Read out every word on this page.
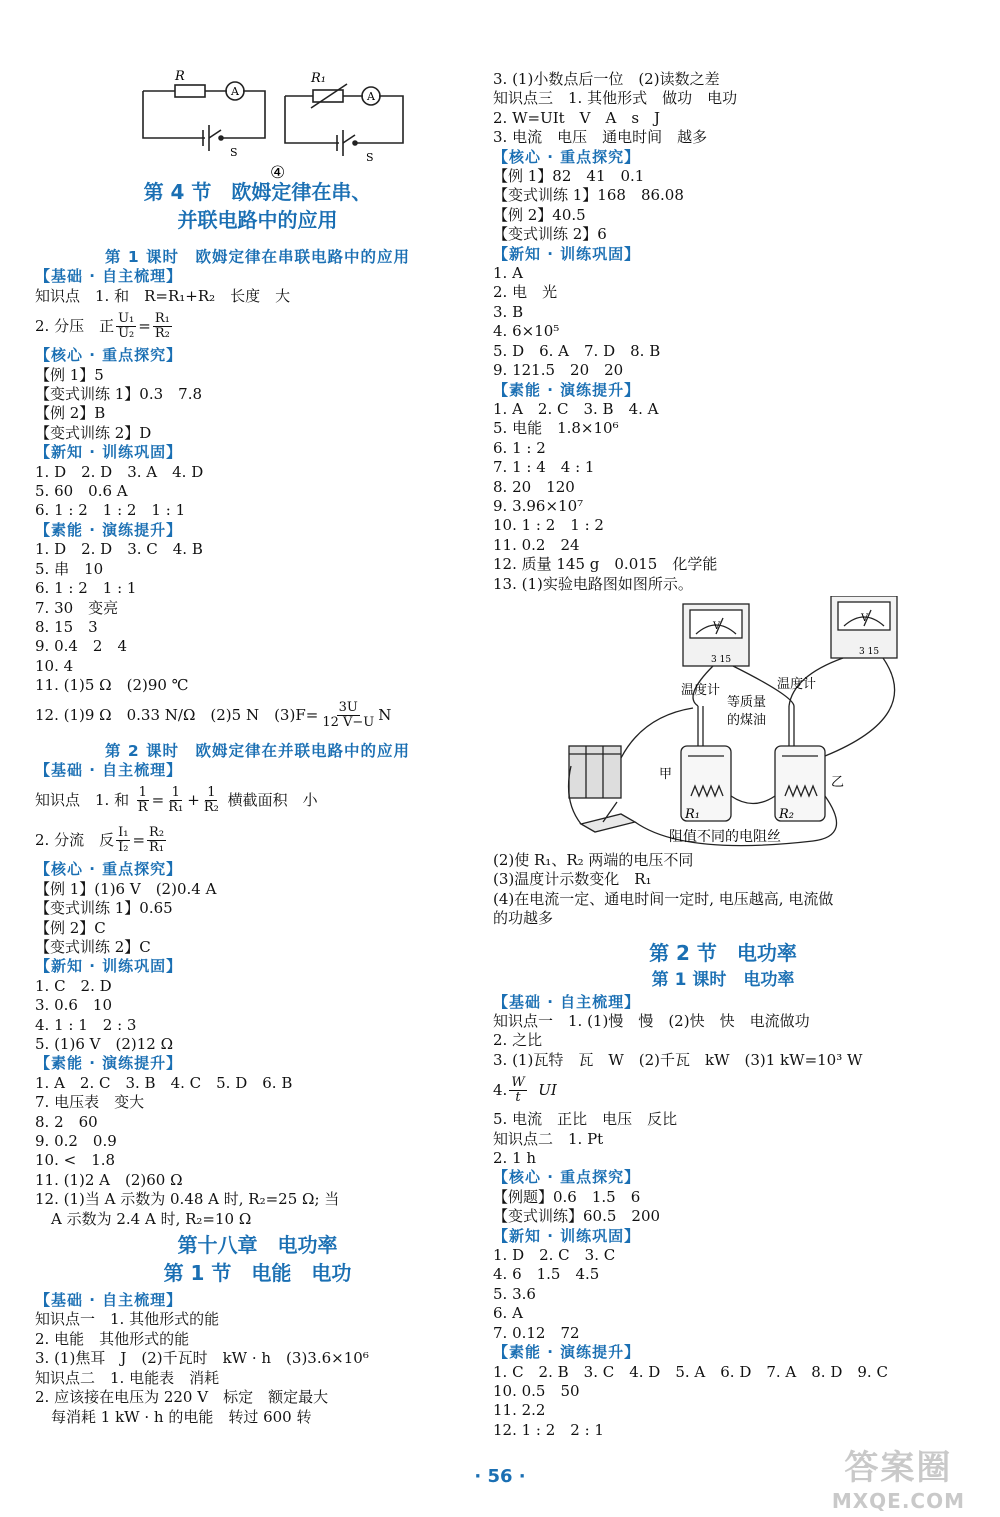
R
A
S
R₁
A
S
④
第 4 节　欧姆定律在串、
并联电路中的应用
第 1 课时　欧姆定律在串联电路中的应用
【基础 · 自主梳理】
知识点　1. 和　R=R₁+R₂　长度　大
2. 分压　正 $\frac{\text{U₁}}{\text{U₂}} = \frac{\text{R₁}}{\text{R₂}}$
【核心 · 重点探究】
【例 1】5
【变式训练 1】0.3　7.8
【例 2】B
【变式训练 2】D
【新知 · 训练巩固】
1. D　2. D　3. A　4. D
5. 60　0.6 A
6. 1 : 2　1 : 2　1 : 1
【素能 · 演练提升】
1. D　2. D　3. C　4. B
5. 串　10
6. 1 : 2　1 : 1
7. 30　变亮
8. 15　3
9. 0.4　2　4
10. 4
11. (1)5 Ω　(2)90 ℃
12. (1)9 Ω　0.33 N/Ω　(2)5 N　$(3)F= \frac{3U}{12 V-U}$ N
第 2 课时　欧姆定律在并联电路中的应用
【基础 · 自主梳理】
知识点　1. 和
$\frac{1}{R} = \frac{1}{\text{R₁}} + \frac{1}{\text{R₂}}$
横截面积　小
2. 分流　反 $\frac{\text{I₁}}{\text{I₂}} = \frac{\text{R₂}}{\text{R₁}}$
【核心 · 重点探究】
【例 1】(1)6 V　(2)0.4 A
【变式训练 1】0.65
【例 2】C
【变式训练 2】C
【新知 · 训练巩固】
1. C　2. D
3. 0.6　10
4. 1 : 1　2 : 3
5. (1)6 V　(2)12 Ω
【素能 · 演练提升】
1. A　2. C　3. B　4. C　5. D　6. B
7. 电压表　变大
8. 2　60
9. 0.2　0.9
10. <　1.8
11. (1)2 A　(2)60 Ω
12. (1)当 A 示数为 0.48 A 时, R₂=25 Ω; 当
A 示数为 2.4 A 时, R₂=10 Ω
第十八章　电功率
第 1 节　电能　电功
【基础 · 自主梳理】
知识点一　1. 其他形式的能
2. 电能　其他形式的能
3. (1)焦耳　J　(2)千瓦时　kW · h　(3)3.6×10⁶
知识点二　1. 电能表　消耗
2. 应该接在电压为 220 V　标定　额定最大
每消耗 1 kW · h 的电能　转过 600 转
3. (1)小数点后一位　(2)读数之差
知识点三　1. 其他形式　做功　电功
2. W=UIt　V　A　s　J
3. 电流　电压　通电时间　越多
【核心 · 重点探究】
【例 1】82　41　0.1
【变式训练 1】168　86.08
【例 2】40.5
【变式训练 2】6
【新知 · 训练巩固】
1. A
2. 电　光
3. B
4. 6×10⁵
5. D　6. A　7. D　8. B
9. 121.5　20　20
【素能 · 演练提升】
1. A　2. C　3. B　4. A
5. 电能　1.8×10⁶
6. 1 : 2
7. 1 : 4　4 : 1
8. 20　120
9. 3.96×10⁷
10. 1 : 2　1 : 2
11. 0.2　24
12. 质量 145 g　0.015　化学能
13. (1)实验电路图如图所示。
3 15
3 15
V
V
温度计	温度计
等质量
的煤油
甲
乙
R₁	R₂
阻值不同的电阻丝
(2)使 R₁、R₂ 两端的电压不同
(3)温度计示数变化　R₁
(4)在电流一定、通电时间一定时, 电压越高, 电流做
的功越多
第 2 节　电功率
第 1 课时　电功率
【基础 · 自主梳理】
知识点一　1. (1)慢　慢　(2)快　快　电流做功
2. 之比
3. (1)瓦特　瓦　W　(2)千瓦　kW　(3)1 kW=10³ W
4. $\frac{W}{t}$
UI
5. 电流　正比　电压　反比
知识点二　1. Pt
2. 1 h
【核心 · 重点探究】
【例题】0.6　1.5　6
【变式训练】60.5　200
【新知 · 训练巩固】
1. D　2. C　3. C
4. 6　1.5　4.5
5. 3.6
6. A
7. 0.12　72
【素能 · 演练提升】
1. C　2. B　3. C　4. D　5. A　6. D　7. A　8. D　9. C
10. 0.5　50
11. 2.2
12. 1 : 2　2 : 1
· 56 ·	答案圈
MXQE.COM
